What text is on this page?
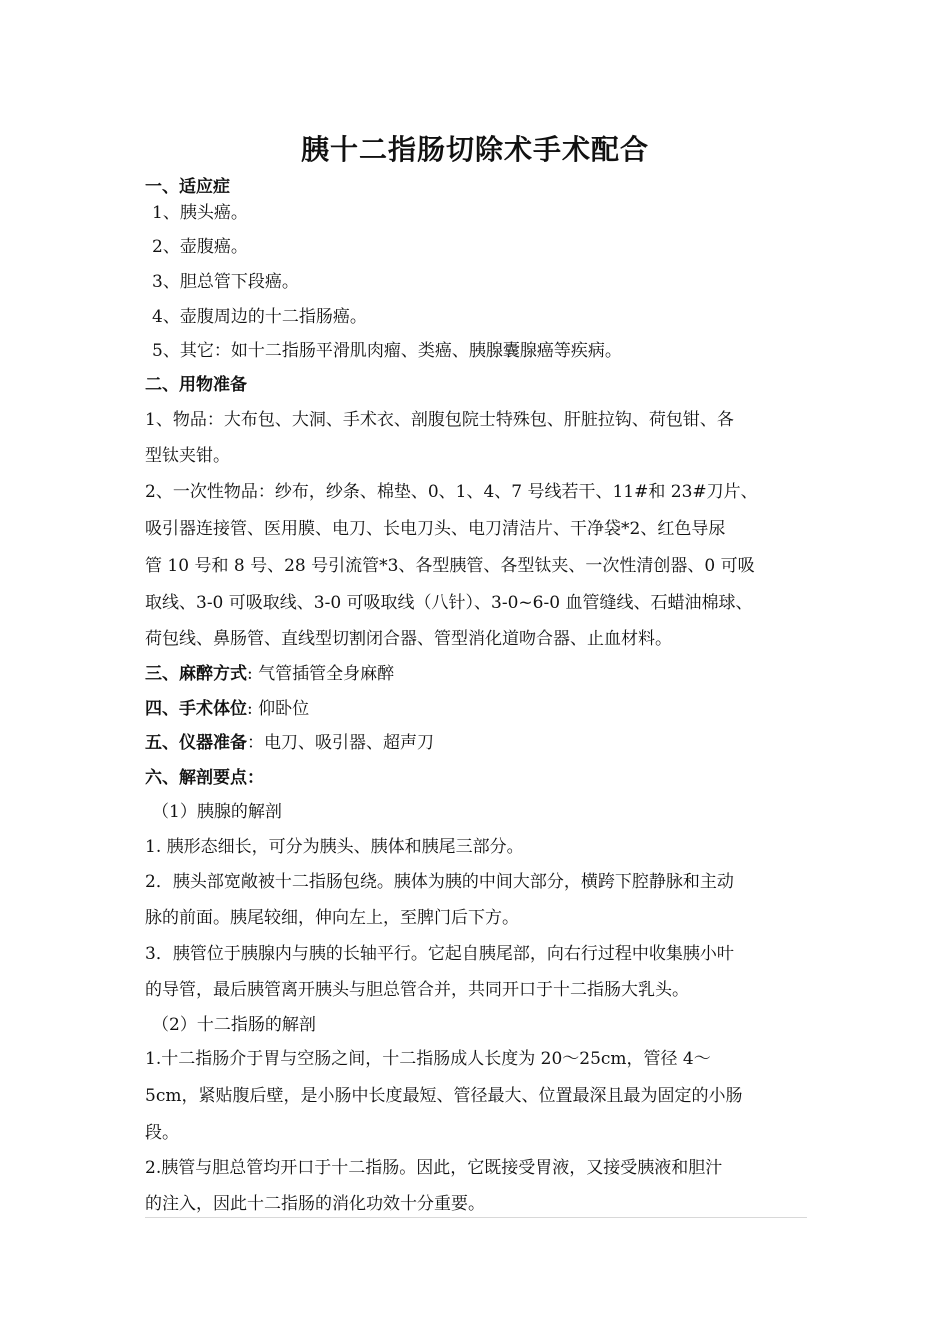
胰十二指肠切除术手术配合
一、适应症
1、胰头癌。
2、壶腹癌。
3、胆总管下段癌。
4、壶腹周边的十二指肠癌。
5、其它：如十二指肠平滑肌肉瘤、类癌、胰腺囊腺癌等疾病。
二、用物准备
1、物品：大布包、大洞、手术衣、剖腹包院士特殊包、肝脏拉钩、荷包钳、各
型钛夹钳。
2、一次性物品：纱布，纱条、棉垫、0、1、4、7 号线若干、11#和 23#刀片、
吸引器连接管、医用膜、电刀、长电刀头、电刀清洁片、干净袋*2、红色导尿
管 10 号和 8 号、28 号引流管*3、各型胰管、各型钛夹、一次性清创器、0 可吸
取线、3-0 可吸取线、3-0 可吸取线（八针）、3-0~6-0 血管缝线、石蜡油棉球、
荷包线、鼻肠管、直线型切割闭合器、管型消化道吻合器、止血材料。
三、麻醉方式: 气管插管全身麻醉
四、手术体位: 仰卧位
五、仪器准备：电刀、吸引器、超声刀
六、解剖要点：
（1）胰腺的解剖
1. 胰形态细长，可分为胰头、胰体和胰尾三部分。
2．胰头部宽敞被十二指肠包绕。胰体为胰的中间大部分，横跨下腔静脉和主动
脉的前面。胰尾较细，伸向左上，至脾门后下方。
3．胰管位于胰腺内与胰的长轴平行。它起自胰尾部，向右行过程中收集胰小叶
的导管，最后胰管离开胰头与胆总管合并，共同开口于十二指肠大乳头。
（2）十二指肠的解剖
1.十二指肠介于胃与空肠之间，十二指肠成人长度为 20～25cm，管径 4～
5cm，紧贴腹后壁，是小肠中长度最短、管径最大、位置最深且最为固定的小肠
段。
2.胰管与胆总管均开口于十二指肠。因此，它既接受胃液，又接受胰液和胆汁
的注入，因此十二指肠的消化功效十分重要。
